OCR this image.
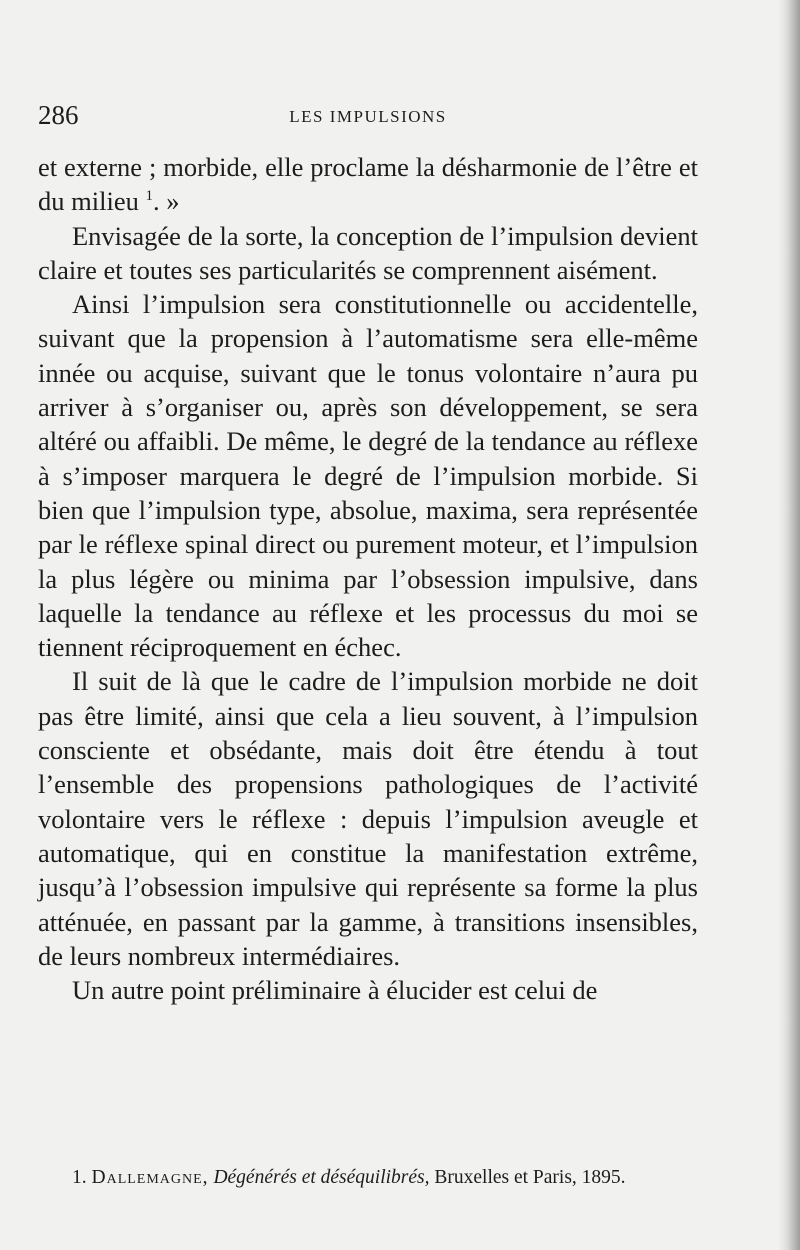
286	LES IMPULSIONS

et externe ; morbide, elle proclame la désharmonie de l’être et du milieu $^1$. »

Envisagée de la sorte, la conception de l’impulsion devient claire et toutes ses particularités se comprennent aisément.

Ainsi l’impulsion sera constitutionnelle ou accidentelle, suivant que la propension à l’automatisme sera elle-même innée ou acquise, suivant que le tonus volontaire n’aura pu arriver à s’organiser ou, après son développement, se sera altéré ou affaibli. De même, le degré de la tendance au réflexe à s’imposer marquera le degré de l’impulsion morbide. Si bien que l’impulsion type, absolue, maxima, sera représentée par le réflexe spinal direct ou purement moteur, et l’impulsion la plus légère ou minima par l’obsession impulsive, dans laquelle la tendance au réflexe et les processus du moi se tiennent réciproquement en échec.

Il suit de là que le cadre de l’impulsion morbide ne doit pas être limité, ainsi que cela a lieu souvent, à l’impulsion consciente et obsédante, mais doit être étendu à tout l’ensemble des propensions pathologiques de l’activité volontaire vers le réflexe : depuis l’impulsion aveugle et automatique, qui en constitue la manifestation extrême, jusqu’à l’obsession impulsive qui représente sa forme la plus atténuée, en passant par la gamme, à transitions insensibles, de leurs nombreux intermédiaires.

Un autre point préliminaire à élucider est celui de

1. Dallemagne, Dégénérés et déséquilibrés, Bruxelles et Paris, 1895.
